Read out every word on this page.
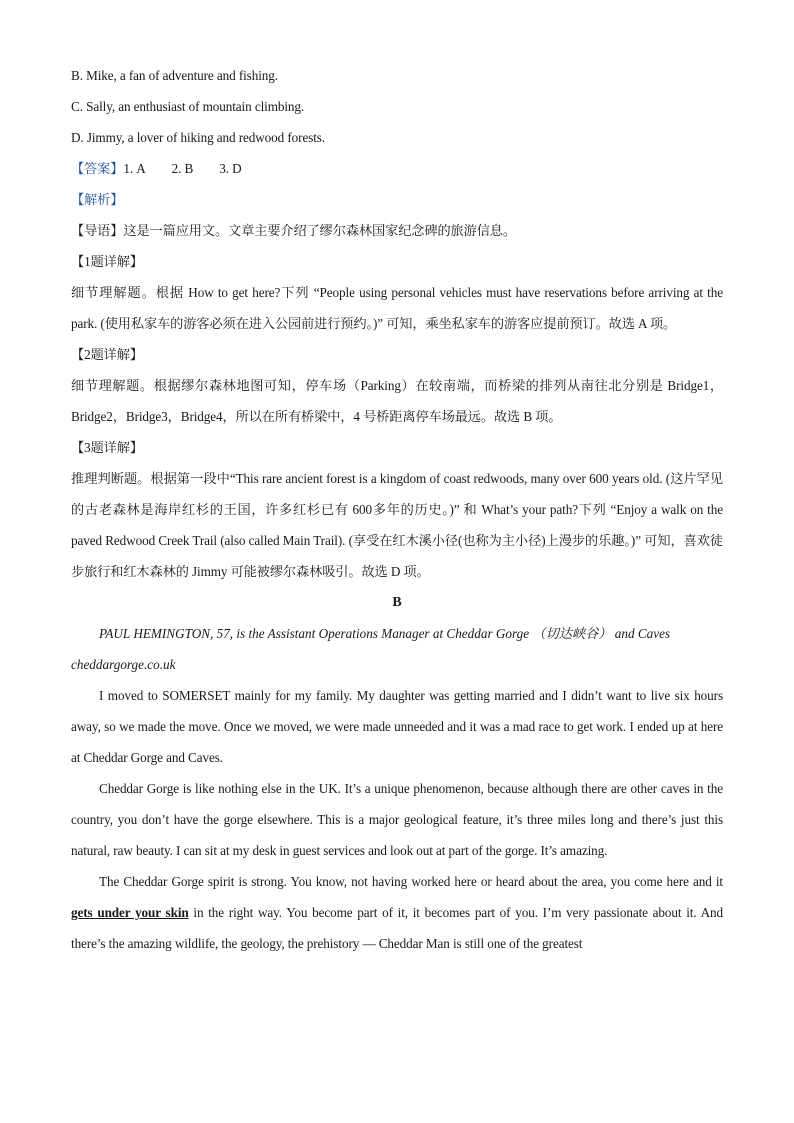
B. Mike, a fan of adventure and fishing.
C. Sally, an enthusiast of mountain climbing.
D. Jimmy, a lover of hiking and redwood forests.
【答案】1. A 2. B 3. D
【解析】
【导语】这是一篇应用文。文章主要介绍了缪尔森林国家纪念碑的旅游信息。
【1题详解】
细节理解题。根据 How to get here?下列 “People using personal vehicles must have reservations before arriving at the park. (使用私家车的游客必须在进入公园前进行预约。)” 可知，乘坐私家车的游客应提前预订。故选 A 项。
【2题详解】
细节理解题。根据缪尔森林地图可知，停车场（Parking）在较南端，而桥梁的排列从南往北分别是 Bridge1，Bridge2，Bridge3，Bridge4，所以在所有桥梁中，4 号桥距离停车场最远。故选 B 项。
【3题详解】
推理判断题。根据第一段中“This rare ancient forest is a kingdom of coast redwoods, many over 600 years old. (这片罕见的古老森林是海岸红杉的王国，许多红杉已有 600多年的历史。)” 和 What’s your path?下列 “Enjoy a walk on the paved Redwood Creek Trail (also called Main Trail). (享受在红木溪小径(也称为主小径)上漫步的乐趣。)” 可知，喜欢徒步旅行和红木森林的 Jimmy 可能被缪尔森林吸引。故选 D 项。
B
PAUL HEMINGTON, 57, is the Assistant Operations Manager at Cheddar Gorge （切达峡谷） and Caves cheddargorge.co.uk
I moved to SOMERSET mainly for my family. My daughter was getting married and I didn’t want to live six hours away, so we made the move. Once we moved, we were made unneeded and it was a mad race to get work. I ended up at here at Cheddar Gorge and Caves.
Cheddar Gorge is like nothing else in the UK. It’s a unique phenomenon, because although there are other caves in the country, you don’t have the gorge elsewhere. This is a major geological feature, it’s three miles long and there’s just this natural, raw beauty. I can sit at my desk in guest services and look out at part of the gorge. It’s amazing.
The Cheddar Gorge spirit is strong. You know, not having worked here or heard about the area, you come here and it gets under your skin in the right way. You become part of it, it becomes part of you. I’m very passionate about it. And there’s the amazing wildlife, the geology, the prehistory — Cheddar Man is still one of the greatest
